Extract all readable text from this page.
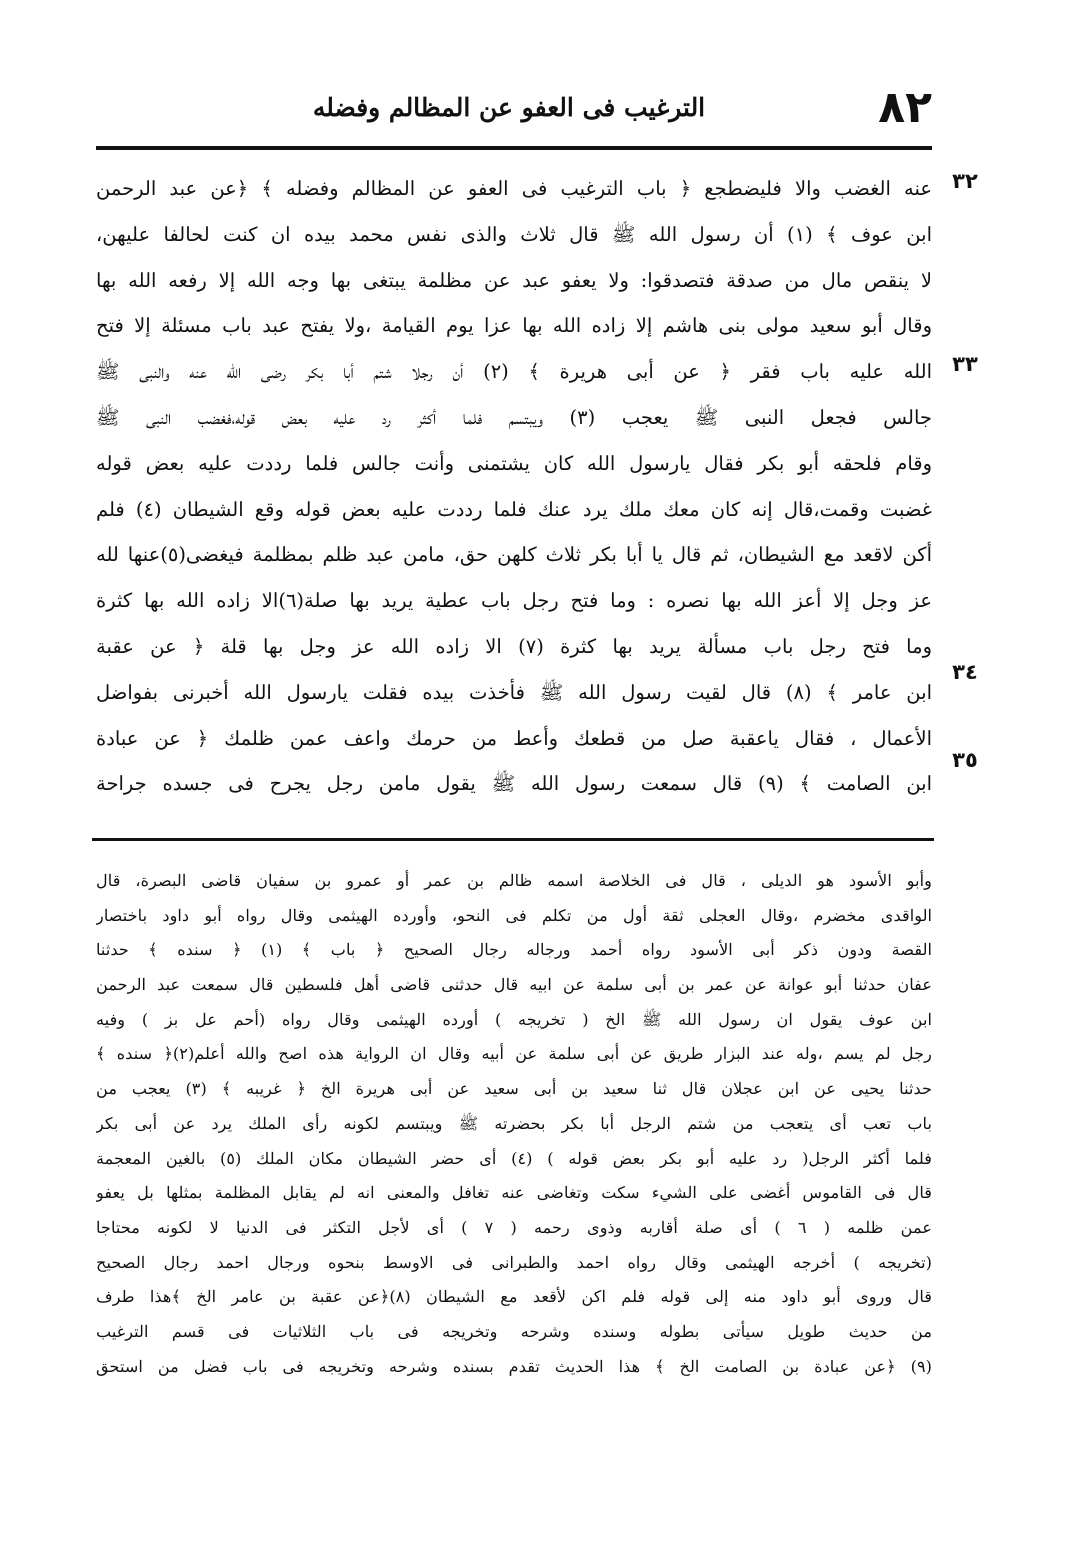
٨٢
الترغيب فى العفو عن المظالم وفضله
٣٢
٣٣
٣٤
٣٥
عنه الغضب والا فليضطجع ﴿ باب الترغيب فى العفو عن المظالم وفضله ﴾ ﴿عن عبد الرحمن
ابن عوف ﴾ (١) أن رسول الله ﷺ قال ثلاث والذى نفس محمد بيده ان كنت لحالفا عليهن،
لا ينقص مال من صدقة فتصدقوا: ولا يعفو عبد عن مظلمة يبتغى بها وجه الله إلا رفعه الله بها
وقال أبو سعيد مولى بنى هاشم إلا زاده الله بها عزا يوم القيامة ،ولا يفتح عبد باب مسئلة إلا فتح
الله عليه باب فقر ﴿ عن أبى هريرة ﴾ (٢) أن رجلا شتم أبا بكر رضى الله عنه والنبى ﷺ
جالس فجعل النبى ﷺ يعجب (٣) ويبتسم فلما أكثر رد عليه بعض قوله،فغضب النبى ﷺ
وقام فلحقه أبو بكر فقال يارسول الله كان يشتمنى وأنت جالس فلما رددت عليه بعض قوله
غضبت وقمت،قال إنه كان معك ملك يرد عنك فلما رددت عليه بعض قوله وقع الشيطان (٤) فلم
أكن لاقعد مع الشيطان، ثم قال يا أبا بكر ثلاث كلهن حق، مامن عبد ظلم بمظلمة فيغضى(٥)عنها لله
عز وجل إلا أعز الله بها نصره : وما فتح رجل باب عطية يريد بها صلة(٦)الا زاده الله بها كثرة
وما فتح رجل باب مسألة يريد بها كثرة (٧) الا زاده الله عز وجل بها قلة ﴿ عن عقبة
ابن عامر ﴾ (٨) قال لقيت رسول الله ﷺ فأخذت بيده فقلت يارسول الله أخبرنى بفواضل
الأعمال ، فقال ياعقبة صل من قطعك وأعط من حرمك واعف عمن ظلمك ﴿ عن عبادة
ابن الصامت ﴾ (٩) قال سمعت رسول الله ﷺ يقول مامن رجل يجرح فى جسده جراحة
وأبو الأسود هو الديلى ، قال فى الخلاصة اسمه ظالم بن عمر أو عمرو بن سفيان قاضى البصرة، قال
الواقدى مخضرم ،وقال العجلى ثقة أول من تكلم فى النحو، وأورده الهيثمى وقال رواه أبو داود باختصار
القصة ودون ذكر أبى الأسود رواه أحمد ورجاله رجال الصحيح ﴿ باب ﴾ (١) ﴿ سنده ﴾ حدثنا
عفان حدثنا أبو عوانة عن عمر بن أبى سلمة عن ابيه قال حدثنى قاضى أهل فلسطين قال سمعت عبد الرحمن
ابن عوف يقول ان رسول الله ﷺ الخ ( تخريجه ) أورده الهيثمى وقال رواه (أحم عل بز ) وفيه
رجل لم يسم ،وله عند البزار طريق عن أبى سلمة عن أبيه وقال ان الرواية هذه اصح والله أعلم(٢)﴿ سنده ﴾
حدثنا يحيى عن ابن عجلان قال ثنا سعيد بن أبى سعيد عن أبى هريرة الخ ﴿ غريبه ﴾ (٣) يعجب من
باب تعب أى يتعجب من شتم الرجل أبا بكر بحضرته ﷺ ويبتسم لكونه رأى الملك يرد عن أبى بكر
فلما أكثر الرجل( رد عليه أبو بكر بعض قوله ) (٤) أى حضر الشيطان مكان الملك (٥) بالغين المعجمة
قال فى القاموس أغضى على الشيء سكت وتغاضى عنه تغافل والمعنى انه لم يقابل المظلمة بمثلها بل يعفو
عمن ظلمه ( ٦ ) أى صلة أقاربه وذوى رحمه ( ٧ ) أى لأجل التكثر فى الدنيا لا لكونه محتاجا
(تخريجه ) أخرجه الهيثمى وقال رواه احمد والطبرانى فى الاوسط بنحوه ورجال احمد رجال الصحيح
قال وروى أبو داود منه إلى قوله فلم اكن لأقعد مع الشيطان (٨)﴿عن عقبة بن عامر الخ ﴾هذا طرف
من حديث طويل سيأتى بطوله وسنده وشرحه وتخريجه فى باب الثلاثيات فى قسم الترغيب
(٩) ﴿عن عبادة بن الصامت الخ ﴾ هذا الحديث تقدم بسنده وشرحه وتخريجه فى باب فضل من استحق
